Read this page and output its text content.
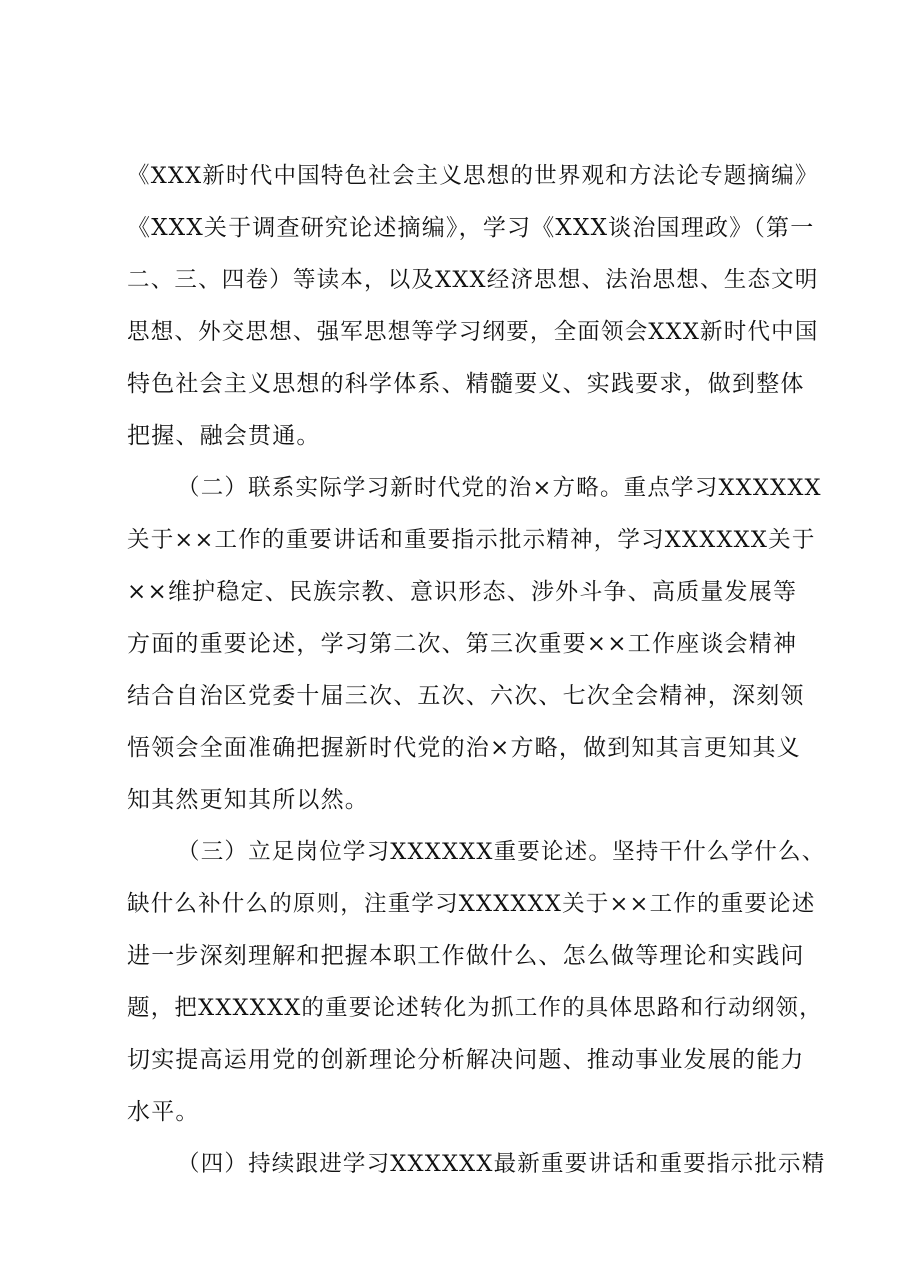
《XXX新时代中国特色社会主义思想的世界观和方法论专题摘编》
《XXX关于调查研究论述摘编》，学习《XXX谈治国理政》（第一
二、三、四卷）等读本，以及XXX经济思想、法治思想、生态文明
思想、外交思想、强军思想等学习纲要，全面领会XXX新时代中国
特色社会主义思想的科学体系、精髓要义、实践要求，做到整体
把握、融会贯通。
（二）联系实际学习新时代党的治×方略。重点学习XXXXXX
关于××工作的重要讲话和重要指示批示精神，学习XXXXXX关于
××维护稳定、民族宗教、意识形态、涉外斗争、高质量发展等
方面的重要论述，学习第二次、第三次重要××工作座谈会精神
结合自治区党委十届三次、五次、六次、七次全会精神，深刻领
悟领会全面准确把握新时代党的治×方略，做到知其言更知其义
知其然更知其所以然。
（三）立足岗位学习XXXXXX重要论述。坚持干什么学什么、
缺什么补什么的原则，注重学习XXXXXX关于××工作的重要论述
进一步深刻理解和把握本职工作做什么、怎么做等理论和实践问
题，把XXXXXX的重要论述转化为抓工作的具体思路和行动纲领，
切实提高运用党的创新理论分析解决问题、推动事业发展的能力
水平。
（四）持续跟进学习XXXXXX最新重要讲话和重要指示批示精
